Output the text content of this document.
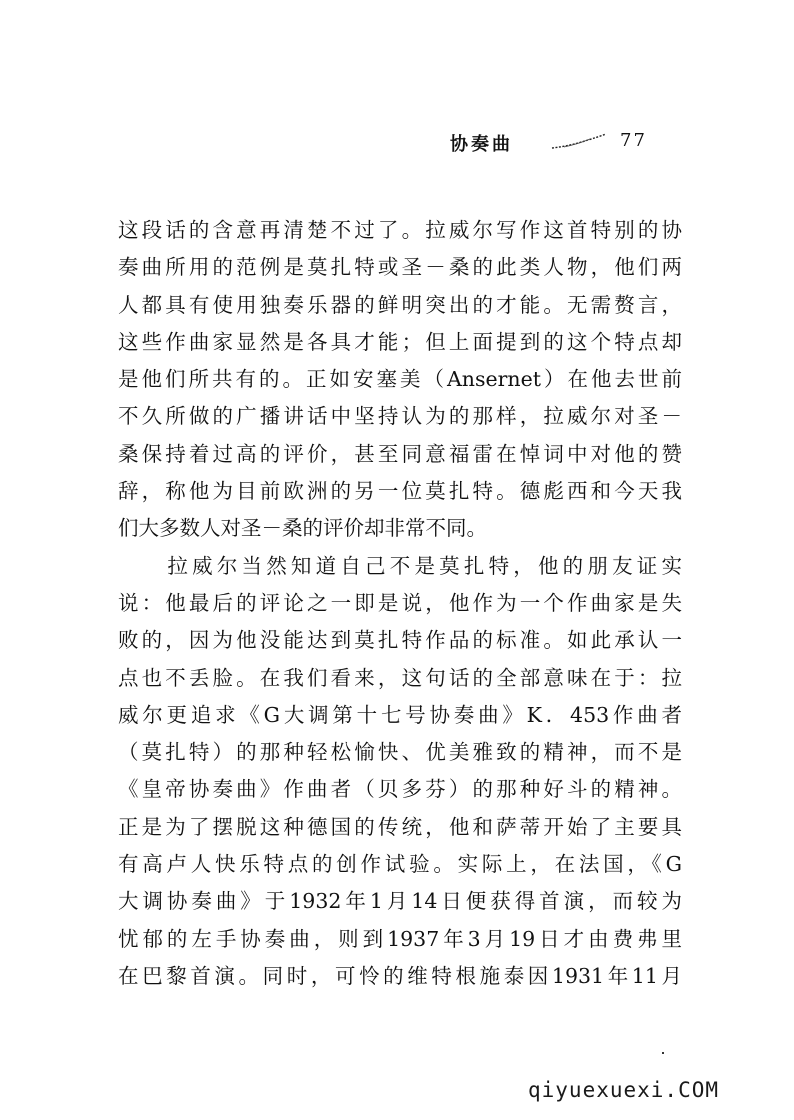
协奏曲	77
这段话的含意再清楚不过了。拉威尔写作这首特别的协
奏曲所用的范例是莫扎特或圣－桑的此类人物，他们两
人都具有使用独奏乐器的鲜明突出的才能。无需赘言，
这些作曲家显然是各具才能；但上面提到的这个特点却
是他们所共有的。正如安塞美（Ansernet）在他去世前
不久所做的广播讲话中坚持认为的那样，拉威尔对圣－
桑保持着过高的评价，甚至同意福雷在悼词中对他的赞
辞，称他为目前欧洲的另一位莫扎特。德彪西和今天我
们大多数人对圣－桑的评价却非常不同。
　　拉威尔当然知道自己不是莫扎特，他的朋友证实
说：他最后的评论之一即是说，他作为一个作曲家是失
败的，因为他没能达到莫扎特作品的标准。如此承认一
点也不丢脸。在我们看来，这句话的全部意味在于：拉
威尔更追求《G大调第十七号协奏曲》K．453作曲者
（莫扎特）的那种轻松愉快、优美雅致的精神，而不是
《皇帝协奏曲》作曲者（贝多芬）的那种好斗的精神。
正是为了摆脱这种德国的传统，他和萨蒂开始了主要具
有高卢人快乐特点的创作试验。实际上，在法国，《G
大调协奏曲》于1932年1月14日便获得首演，而较为
忧郁的左手协奏曲，则到1937年3月19日才由费弗里
在巴黎首演。同时，可怜的维特根施泰因1931年11月
qiyuexuexi.COM
